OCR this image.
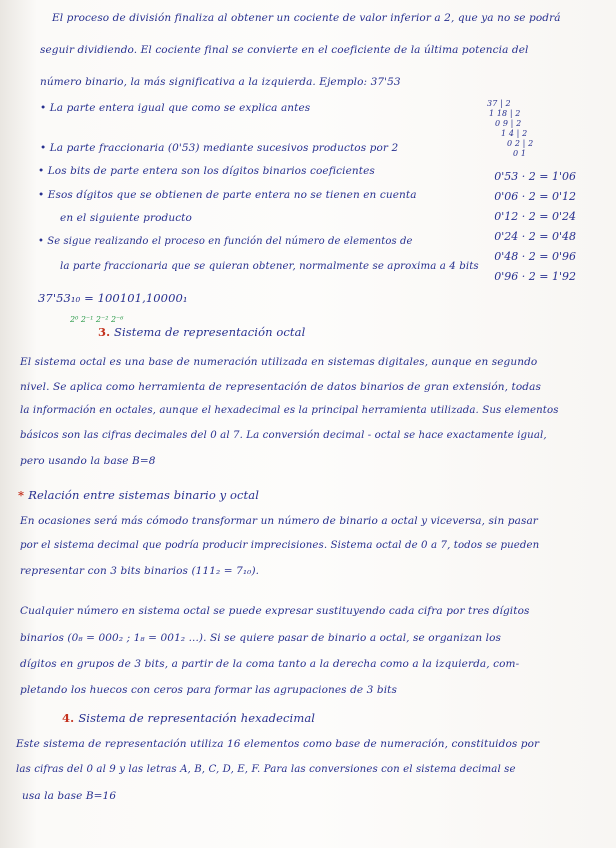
El proceso de división finaliza al obtener un cociente de valor inferior a 2, que ya no se podrá
seguir dividiendo. El cociente final se convierte en el coeficiente de la última potencia del
número binario, la más significativa a la izquierda. Ejemplo: 37'53
• La parte entera igual que como se explica antes
• La parte fraccionaria (0'53) mediante sucesivos productos por 2
• Los bits de parte entera son los dígitos binarios coeficientes
• Esos dígitos que se obtienen de parte entera no se tienen en cuenta
en el siguiente producto
• Se sigue realizando el proceso en función del número de elementos de
la parte fraccionaria que se quieran obtener, normalmente se aproxima a 4 bits
37'53₁₀ = 100101,10000₁
2⁰ 2⁻¹ 2⁻² 2⁻⁶
3. Sistema de representación octal
El sistema octal es una base de numeración utilizada en sistemas digitales, aunque en segundo
nivel. Se aplica como herramienta de representación de datos binarios de gran extensión, todas
la información en octales, aunque el hexadecimal es la principal herramienta utilizada. Sus elementos
básicos son las cifras decimales del 0 al 7. La conversión decimal - octal se hace exactamente igual,
pero usando la base B=8
* Relación entre sistemas binario y octal
En ocasiones será más cómodo transformar un número de binario a octal y viceversa, sin pasar
por el sistema decimal que podría producir imprecisiones. Sistema octal de 0 a 7, todos se pueden
representar con 3 bits binarios (111₂ = 7₁₀).
Cualquier número en sistema octal se puede expresar sustituyendo cada cifra por tres dígitos
binarios (0₈ = 000₂ ; 1₈ = 001₂ ...). Si se quiere pasar de binario a octal, se organizan los
dígitos en grupos de 3 bits, a partir de la coma tanto a la derecha como a la izquierda, com-
pletando los huecos con ceros para formar las agrupaciones de 3 bits
4. Sistema de representación hexadecimal
Este sistema de representación utiliza 16 elementos como base de numeración, constituidos por
las cifras del 0 al 9 y las letras A, B, C, D, E, F. Para las conversiones con el sistema decimal se
usa la base B=16
0'53 · 2 = 1'06
0'06 · 2 = 0'12
0'12 · 2 = 0'24
0'24 · 2 = 0'48
0'48 · 2 = 0'96
0'96 · 2 = 1'92
37 | 2
1 18 | 2
0 9 | 2
1 4 | 2
0 2 | 2
0 1
